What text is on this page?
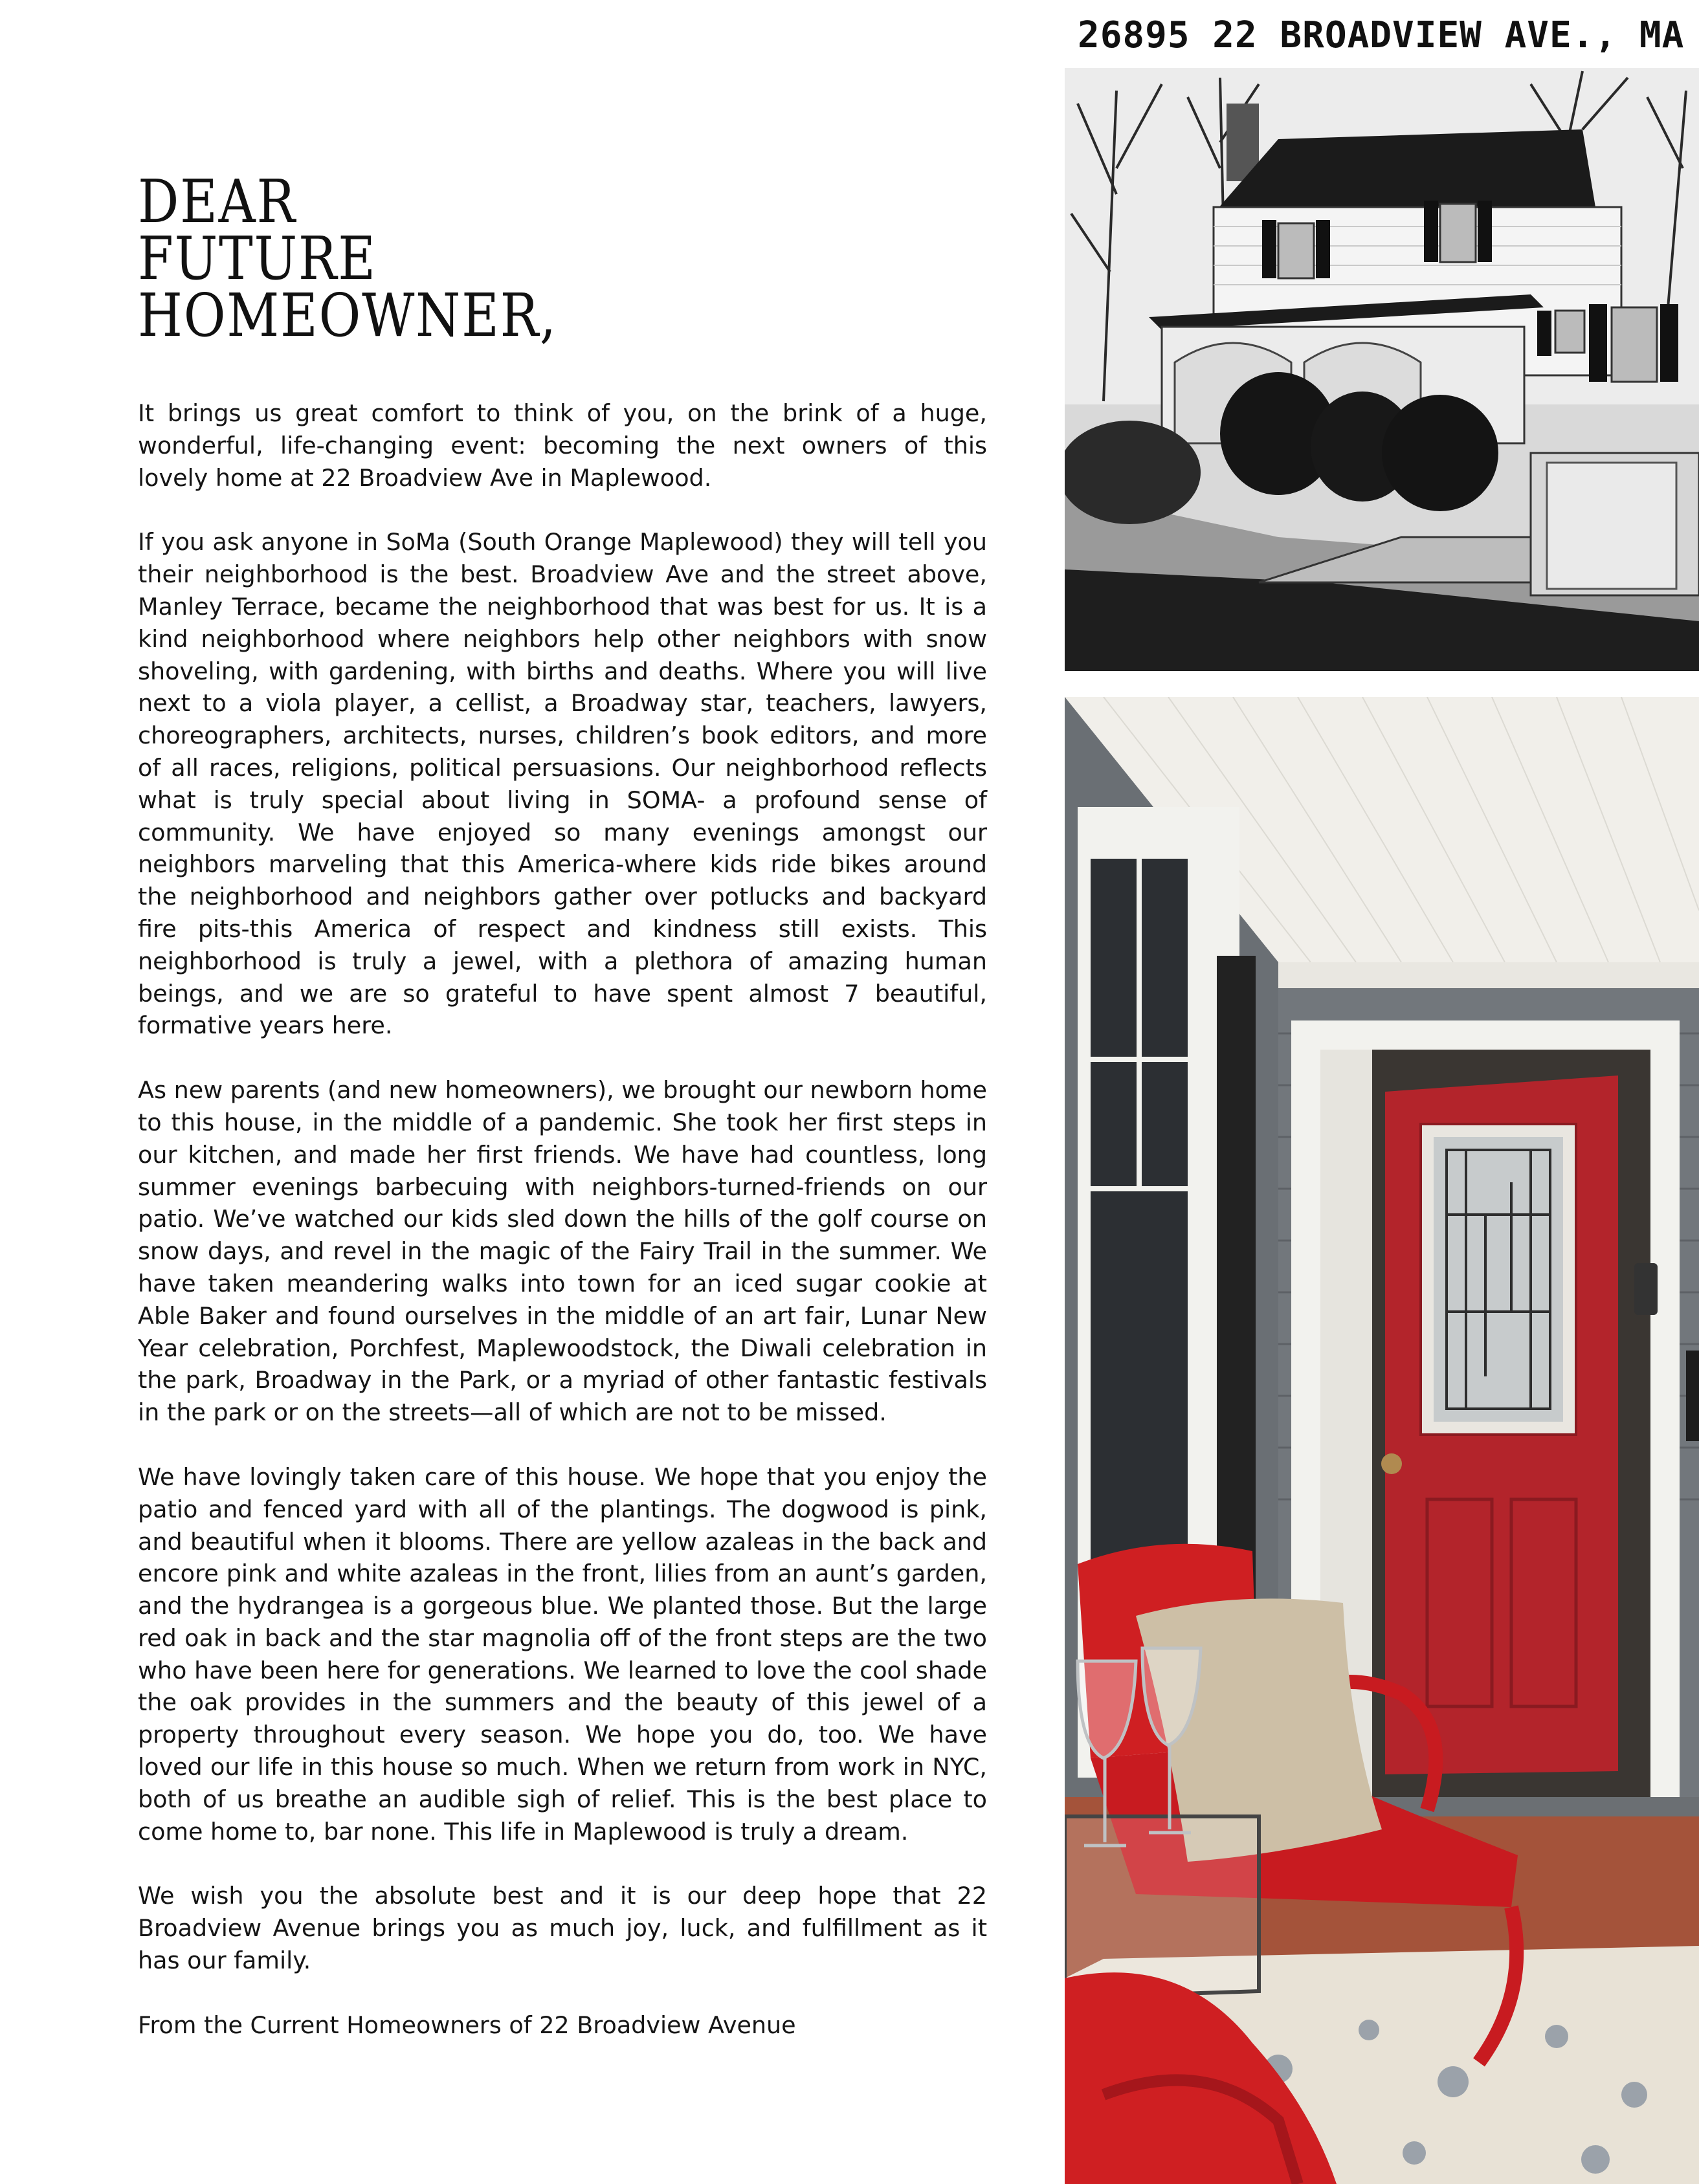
DEAR
FUTURE
HOMEOWNER,

It brings us great comfort to think of you, on the brink of a huge, wonderful, life-changing event: becoming the next owners of this lovely home at 22 Broadview Ave in Maplewood.

If you ask anyone in SoMa (South Orange Maplewood) they will tell you their neighborhood is the best. Broadview Ave and the street above, Manley Terrace, became the neighborhood that was best for us. It is a kind neighborhood where neighbors help other neighbors with snow shoveling, with gardening, with births and deaths. Where you will live next to a viola player, a cellist, a Broadway star, teachers, lawyers, choreographers, architects, nurses, children’s book editors, and more of all races, religions, political persuasions. Our neighborhood reflects what is truly special about living in SOMA- a profound sense of community. We have enjoyed so many evenings amongst our neighbors marveling that this America-where kids ride bikes around the neighborhood and neighbors gather over potlucks and backyard fire pits-this America of respect and kindness still exists. This neighborhood is truly a jewel, with a plethora of amazing human beings, and we are so grateful to have spent almost 7 beautiful, formative years here.

As new parents (and new homeowners), we brought our newborn home to this house, in the middle of a pandemic. She took her first steps in our kitchen, and made her first friends. We have had countless, long summer evenings barbecuing with neighbors-turned-friends on our patio. We’ve watched our kids sled down the hills of the golf course on snow days, and revel in the magic of the Fairy Trail in the summer. We have taken meandering walks into town for an iced sugar cookie at Able Baker and found ourselves in the middle of an art fair, Lunar New Year celebration, Porchfest, Maplewoodstock, the Diwali celebration in the park, Broadway in the Park, or a myriad of other fantastic festivals in the park or on the streets—all of which are not to be missed.

We have lovingly taken care of this house. We hope that you enjoy the patio and fenced yard with all of the plantings. The dogwood is pink, and beautiful when it blooms. There are yellow azaleas in the back and encore pink and white azaleas in the front, lilies from an aunt’s garden, and the hydrangea is a gorgeous blue. We planted those. But the large red oak in back and the star magnolia off of the front steps are the two who have been here for generations. We learned to love the cool shade the oak provides in the summers and the beauty of this jewel of a property throughout every season. We hope you do, too. We have loved our life in this house so much. When we return from work in NYC, both of us breathe an audible sigh of relief. This is the best place to come home to, bar none. This life in Maplewood is truly a dream.

We wish you the absolute best and it is our deep hope that 22 Broadview Avenue brings you as much joy, luck, and fulfillment as it has our family.

From the Current Homeowners of 22 Broadview Avenue

26895 22 BROADVIEW AVE., MA
